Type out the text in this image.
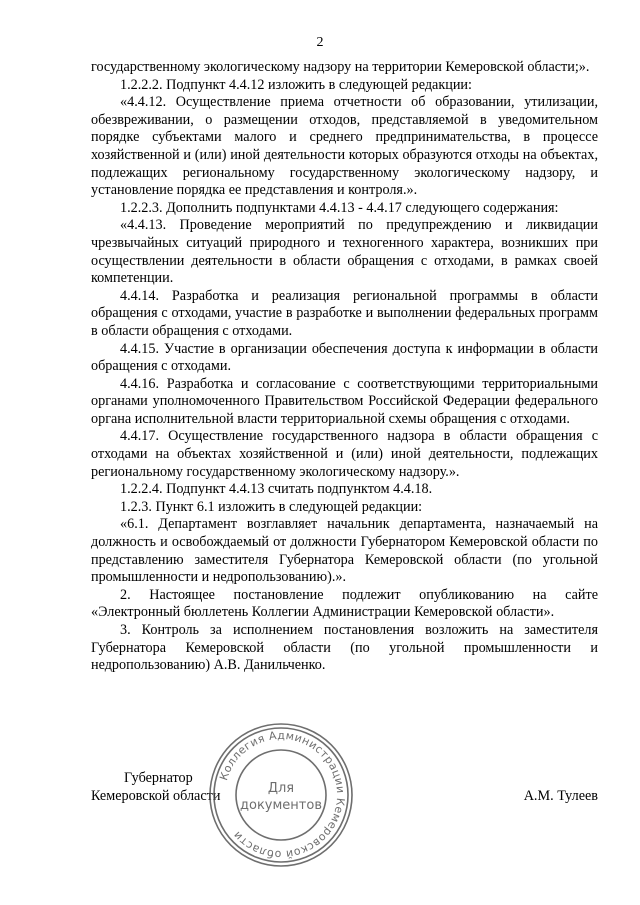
2

государственному экологическому надзору на территории Кемеровской области;».

1.2.2.2. Подпункт 4.4.12 изложить в следующей редакции:

«4.4.12. Осуществление приема отчетности об образовании, утилизации, обезвреживании, о размещении отходов, представляемой в уведомительном порядке субъектами малого и среднего предпринимательства, в процессе хозяйственной и (или) иной деятельности которых образуются отходы на объектах, подлежащих региональному государственному экологическому надзору, и установление порядка ее представления и контроля.».

1.2.2.3. Дополнить подпунктами 4.4.13 - 4.4.17 следующего содержания:

«4.4.13. Проведение мероприятий по предупреждению и ликвидации чрезвычайных ситуаций природного и техногенного характера, возникших при осуществлении деятельности в области обращения с отходами, в рамках своей компетенции.

4.4.14. Разработка и реализация региональной программы в области обращения с отходами, участие в разработке и выполнении федеральных программ в области обращения с отходами.

4.4.15. Участие в организации обеспечения доступа к информации в области обращения с отходами.

4.4.16. Разработка и согласование с соответствующими территориальными органами уполномоченного Правительством Российской Федерации федерального органа исполнительной власти территориальной схемы обращения с отходами.

4.4.17. Осуществление государственного надзора в области обращения с отходами на объектах хозяйственной и (или) иной деятельности, подлежащих региональному государственному экологическому надзору.».

1.2.2.4. Подпункт 4.4.13 считать подпунктом 4.4.18.

1.2.3. Пункт 6.1 изложить в следующей редакции:

«6.1. Департамент возглавляет начальник департамента, назначаемый на должность и освобождаемый от должности Губернатором Кемеровской области по представлению заместителя Губернатора Кемеровской области (по угольной промышленности и недропользованию).».

2. Настоящее постановление подлежит опубликованию на сайте «Электронный бюллетень Коллегии Администрации Кемеровской области».

3. Контроль за исполнением постановления возложить на заместителя Губернатора Кемеровской области (по угольной промышленности и недропользованию) А.В. Данильченко.

Губернатор
Кемеровской области	А.М. Тулеев
Коллегия Администрации Кемеровской области
Для
документов
